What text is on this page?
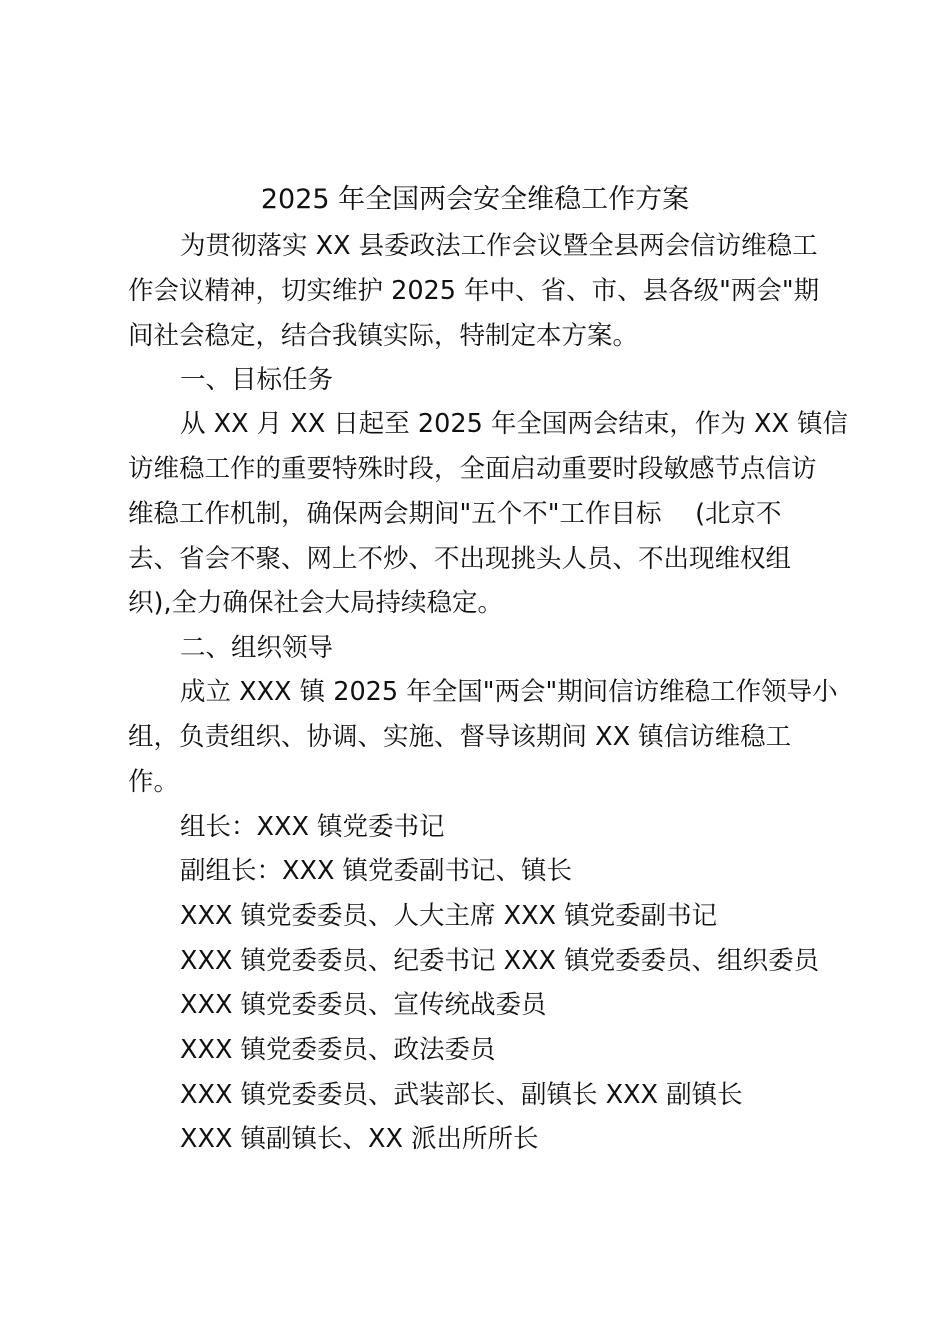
2025 年全国两会安全维稳工作方案
为贯彻落实 XX 县委政法工作会议暨全县两会信访维稳工
作会议精神，切实维护 2025 年中、省、市、县各级"两会"期
间社会稳定，结合我镇实际，特制定本方案。
一、目标任务
从 XX 月 XX 日起至 2025 年全国两会结束，作为 XX 镇信
访维稳工作的重要特殊时段，全面启动重要时段敏感节点信访
维稳工作机制，确保两会期间"五个不"工作目标　 (北京不
去、省会不聚、网上不炒、不出现挑头人员、不出现维权组
织),全力确保社会大局持续稳定。
二、组织领导
成立 XXX 镇 2025 年全国"两会"期间信访维稳工作领导小
组，负责组织、协调、实施、督导该期间 XX 镇信访维稳工
作。
组长：XXX 镇党委书记
副组长：XXX 镇党委副书记、镇长
XXX 镇党委委员、人大主席 XXX 镇党委副书记
XXX 镇党委委员、纪委书记 XXX 镇党委委员、组织委员
XXX 镇党委委员、宣传统战委员
XXX 镇党委委员、政法委员
XXX 镇党委委员、武装部长、副镇长 XXX 副镇长
XXX 镇副镇长、XX 派出所所长
